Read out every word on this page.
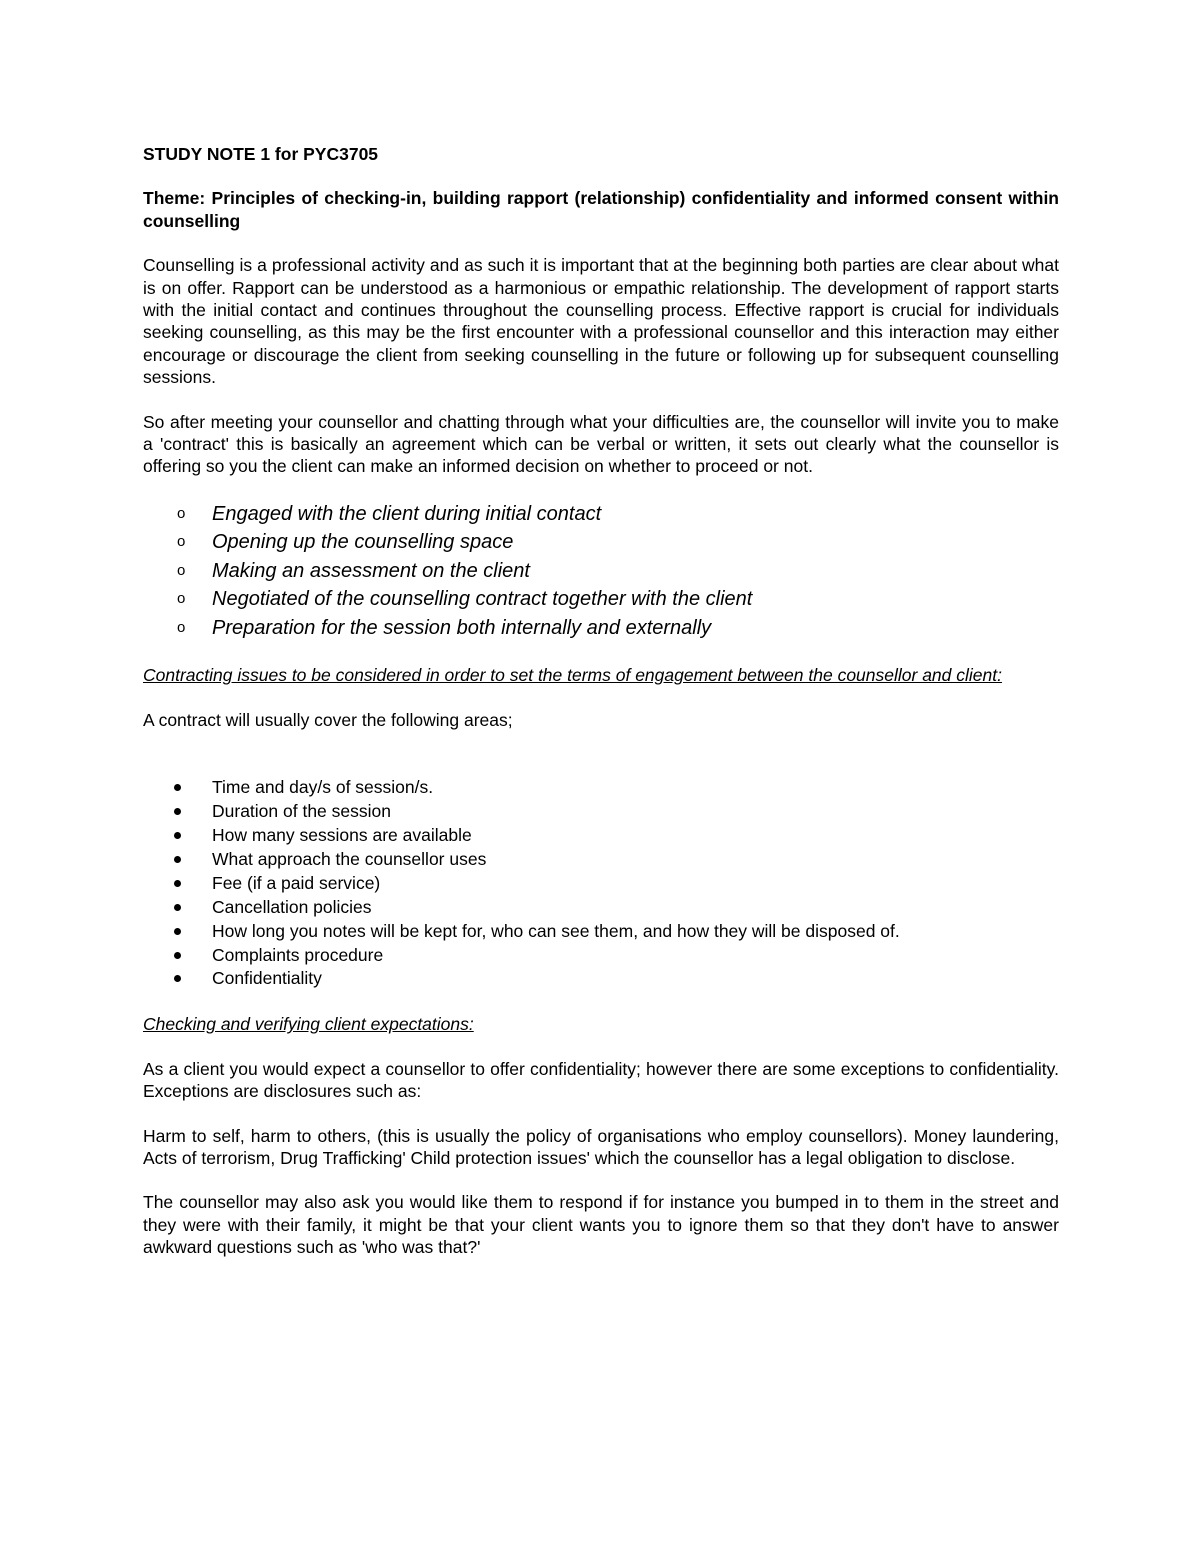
STUDY NOTE 1 for PYC3705
Theme: Principles of checking-in, building rapport (relationship) confidentiality and informed consent within counselling

Counselling is a professional activity and as such it is important that at the beginning both parties are clear about what is on offer. Rapport can be understood as a harmonious or empathic relationship. The development of rapport starts with the initial contact and continues throughout the counselling process. Effective rapport is crucial for individuals seeking counselling, as this may be the first encounter with a professional counsellor and this interaction may either encourage or discourage the client from seeking counselling in the future or following up for subsequent counselling sessions.

So after meeting your counsellor and chatting through what your difficulties are, the counsellor will invite you to make a 'contract' this is basically an agreement which can be verbal or written, it sets out clearly what the counsellor is offering so you the client can make an informed decision on whether to proceed or not.

o Engaged with the client during initial contact
o Opening up the counselling space
o Making an assessment on the client
o Negotiated of the counselling contract together with the client
o Preparation for the session both internally and externally
Contracting issues to be considered in order to set the terms of engagement between the counsellor and client:

A contract will usually cover the following areas;

Time and day/s of session/s.
Duration of the session
How many sessions are available
What approach the counsellor uses
Fee (if a paid service)
Cancellation policies
How long you notes will be kept for, who can see them, and how they will be disposed of.
Complaints procedure
Confidentiality
Checking and verifying client expectations:

As a client you would expect a counsellor to offer confidentiality; however there are some exceptions to confidentiality. Exceptions are disclosures such as:

Harm to self, harm to others, (this is usually the policy of organisations who employ counsellors). Money laundering, Acts of terrorism, Drug Trafficking' Child protection issues' which the counsellor has a legal obligation to disclose.

The counsellor may also ask you would like them to respond if for instance you bumped in to them in the street and they were with their family, it might be that your client wants you to ignore them so that they don't have to answer awkward questions such as 'who was that?'
